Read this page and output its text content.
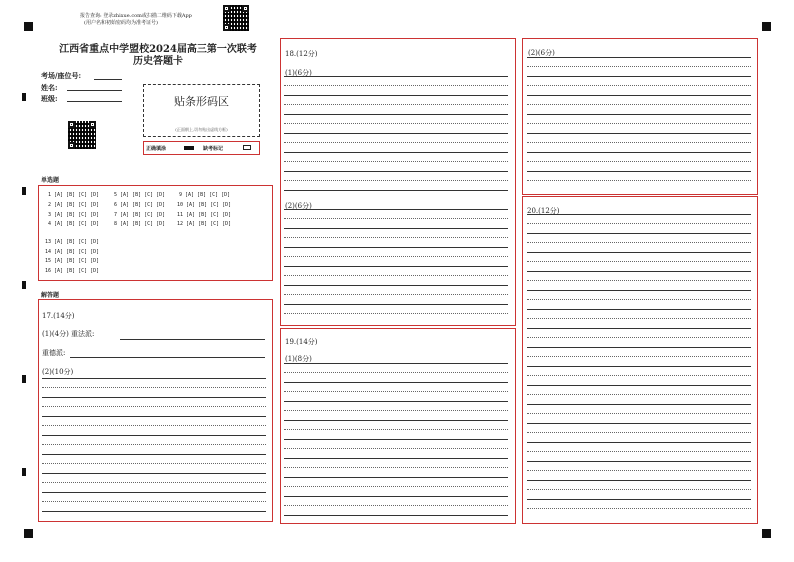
报告查询: 登录zhixue.com或扫描二维码下载App
(用户名和初始密码均为准考证号)
江西省重点中学盟校2024届高三第一次联考
历史答题卡
考场/座位号:
姓名:
班级:	贴条形码区
(正面朝上,切勿贴出虚线方框)
正确填涂	缺考标记
单选题
1 [A] [B] [C] [D]	5 [A] [B] [C] [D]	9 [A] [B] [C] [D]
2 [A] [B] [C] [D]	6 [A] [B] [C] [D] 10 [A] [B] [C] [D]
3 [A] [B] [C] [D]	7 [A] [B] [C] [D] 11 [A] [B] [C] [D]
4 [A] [B] [C] [D]	8 [A] [B] [C] [D] 12 [A] [B] [C] [D]
13 [A] [B] [C] [D]
14 [A] [B] [C] [D]
15 [A] [B] [C] [D]
16 [A] [B] [C] [D]
解答题
17.(14分)
(1)(4分) 重法派:
重德派:
(2)(10分)
18.(12分)
(1)(6分)
(2)(6分)
19.(14分)
(1)(8分)
(2)(6分)
20.(12分)
